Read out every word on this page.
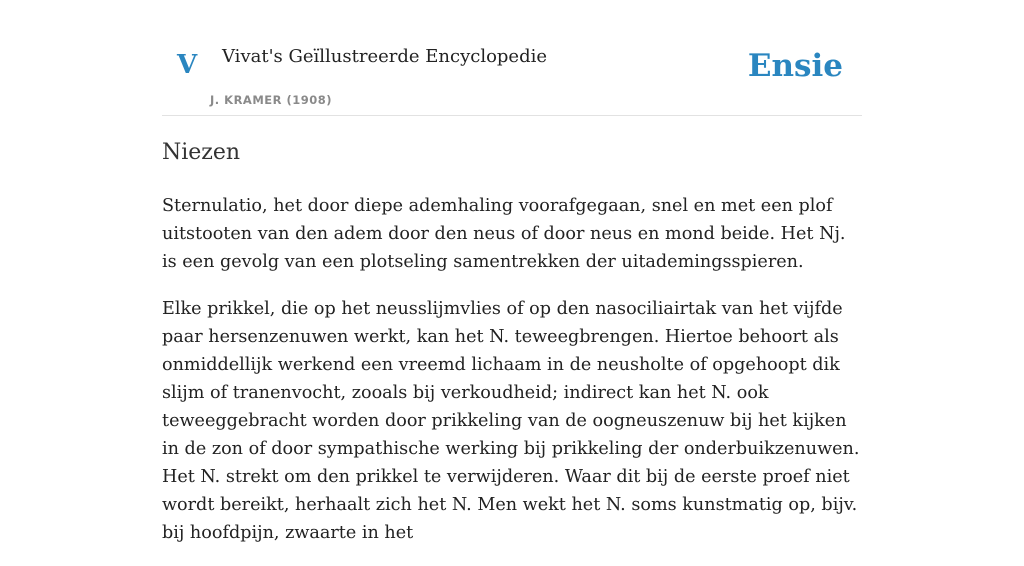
V Vivat's Geïllustreerde Encyclopedie
J. KRAMER (1908)
Ensie
Niezen

Sternulatio, het door diepe ademhaling voorafgegaan, snel en met een plof uitstooten van den adem door den neus of door neus en mond beide. Het Nj. is een gevolg van een plotseling samentrekken der uitademingsspieren.

Elke prikkel, die op het neusslijmvlies of op den nasociliairtak van het vijfde paar hersenzenuwen werkt, kan het N. teweegbrengen. Hiertoe behoort als onmiddellijk werkend een vreemd lichaam in de neusholte of opgehoopt dik slijm of tranenvocht, zooals bij verkoudheid; indirect kan het N. ook teweeggebracht worden door prikkeling van de oogneuszenuw bij het kijken in de zon of door sympathische werking bij prikkeling der onderbuikzenuwen. Het N. strekt om den prikkel te verwijderen. Waar dit bij de eerste proef niet wordt bereikt, herhaalt zich het N. Men wekt het N. soms kunstmatig op, bijv. bij hoofdpijn, zwaarte in het
